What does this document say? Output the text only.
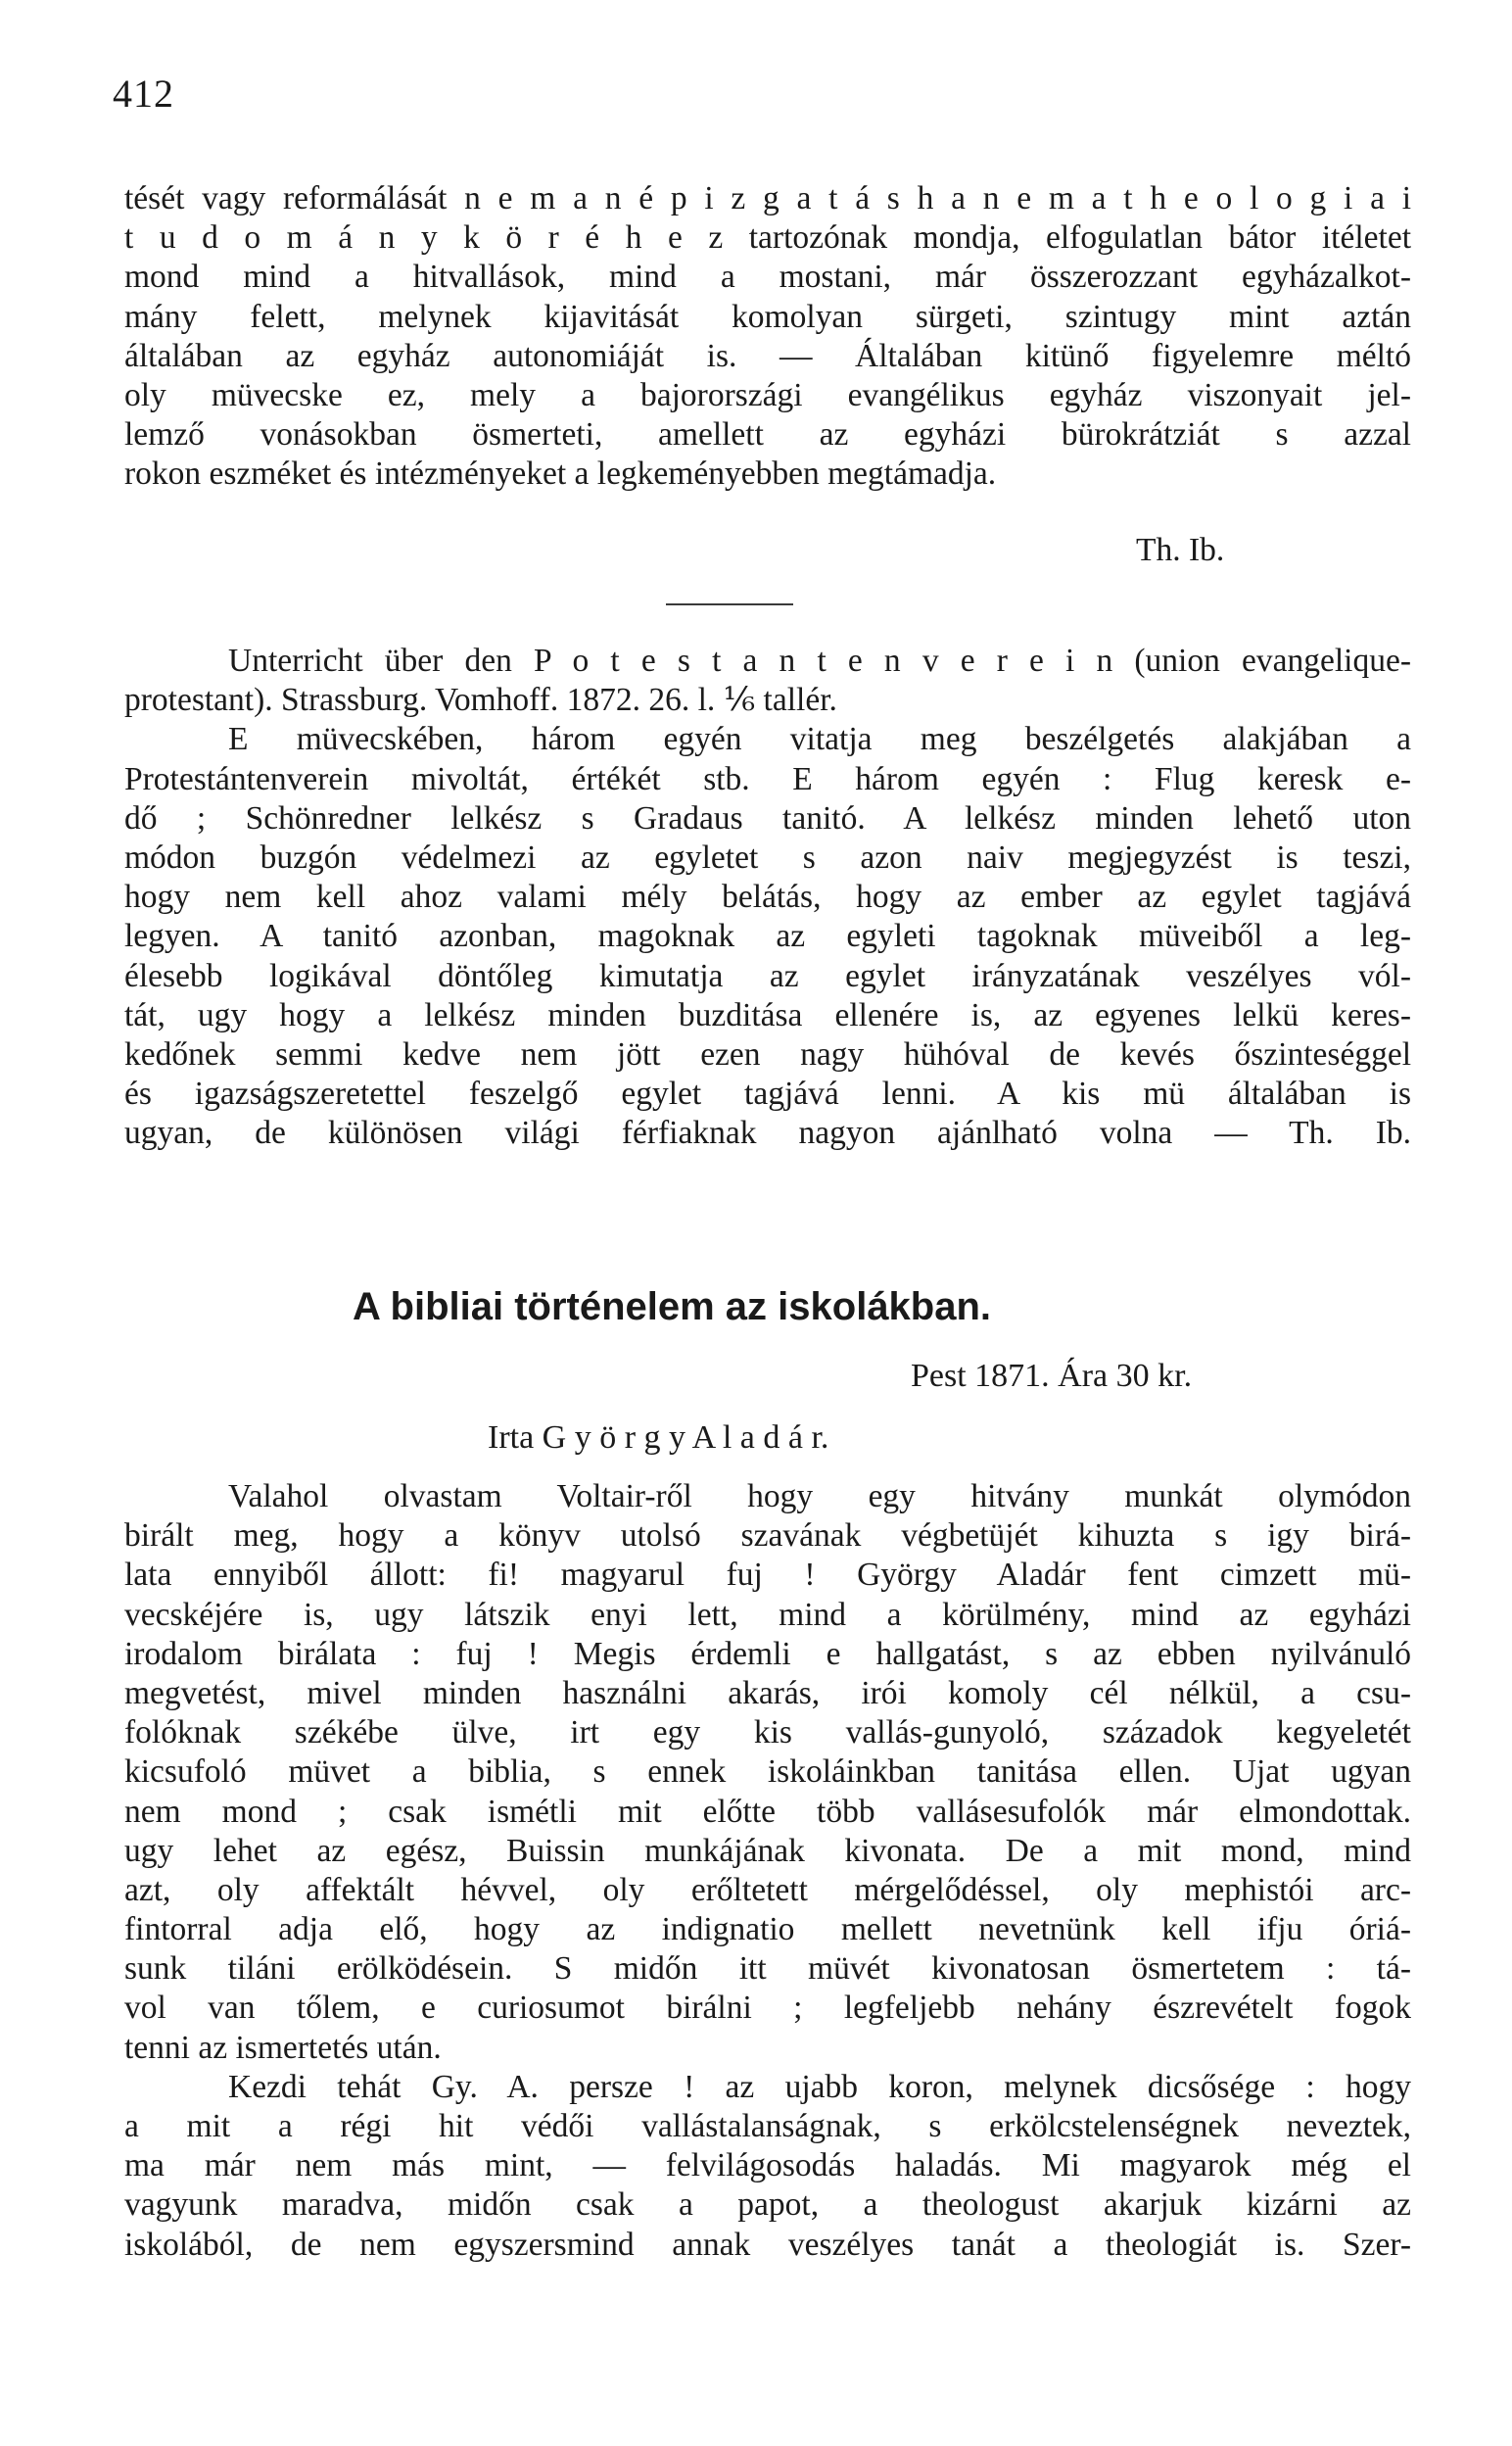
412
tését vagy reformálását n e m a n é p i z g a t á s h a n e m a t h e o l o g i a i
t u d o m á n y k ö r é h e z tartozónak mondja, elfogulatlan bátor itéletet
mond mind a hitvallások, mind a mostani, már összerozzant egyházalkot-
mány felett, melynek kijavitását komolyan sürgeti, szintugy mint aztán
általában az egyház autonomiáját is. — Általában kitünő figyelemre méltó
oly müvecske ez, mely a bajorországi evangélikus egyház viszonyait jel-
lemző vonásokban ösmerteti, amellett az egyházi bürokrátziát s azzal
rokon eszméket és intézményeket a legkeményebben megtámadja.
Th. Ib.
Unterricht über den P o t e s t a n t e n v e r e i n (union evangelique-
protestant). Strassburg. Vomhoff. 1872. 26. l. ⅙ tallér.
E müvecskében, három egyén vitatja meg beszélgetés alakjában a
Protestántenverein mivoltát, értékét stb. E három egyén : Flug keresk e-
dő ; Schönredner lelkész s Gradaus tanitó. A lelkész minden lehető uton
módon buzgón védelmezi az egyletet s azon naiv megjegyzést is teszi,
hogy nem kell ahoz valami mély belátás, hogy az ember az egylet tagjává
legyen. A tanitó azonban, magoknak az egyleti tagoknak müveiből a leg-
élesebb logikával döntőleg kimutatja az egylet irányzatának veszélyes vól-
tát, ugy hogy a lelkész minden buzditása ellenére is, az egyenes lelkü keres-
kedőnek semmi kedve nem jött ezen nagy hühóval de kevés őszinteséggel
és igazságszeretettel feszelgő egylet tagjává lenni. A kis mü általában is
ugyan, de különösen világi férfiaknak nagyon ajánlható volna — Th. Ib.
A bibliai történelem az iskolákban.
Pest 1871. Ára 30 kr.
Irta G y ö r g y A l a d á r.
Valahol olvastam Voltair-ről hogy egy hitvány munkát olymódon
birált meg, hogy a könyv utolsó szavának végbetüjét kihuzta s igy birá-
lata ennyiből állott: fi! magyarul fuj ! György Aladár fent cimzett mü-
vecskéjére is, ugy látszik enyi lett, mind a körülmény, mind az egyházi
irodalom birálata : fuj ! Megis érdemli e hallgatást, s az ebben nyilvánuló
megvetést, mivel minden használni akarás, irói komoly cél nélkül, a csu-
folóknak székébe ülve, irt egy kis vallás-gunyoló, századok kegyeletét
kicsufoló müvet a biblia, s ennek iskoláinkban tanitása ellen. Ujat ugyan
nem mond ; csak ismétli mit előtte több vallásesufolók már elmondottak.
ugy lehet az egész, Buissin munkájának kivonata. De a mit mond, mind
azt, oly affektált hévvel, oly erőltetett mérgelődéssel, oly mephistói arc-
fintorral adja elő, hogy az indignatio mellett nevetnünk kell ifju óriá-
sunk tiláni erölködésein. S midőn itt müvét kivonatosan ösmertetem : tá-
vol van tőlem, e curiosumot birálni ; legfeljebb nehány észrevételt fogok
tenni az ismertetés után.
Kezdi tehát Gy. A. persze ! az ujabb koron, melynek dicsősége : hogy
a mit a régi hit védői vallástalanságnak, s erkölcstelenségnek neveztek,
ma már nem más mint, — felvilágosodás haladás. Mi magyarok még el
vagyunk maradva, midőn csak a papot, a theologust akarjuk kizárni az
iskolából, de nem egyszersmind annak veszélyes tanát a theologiát is. Szer-
